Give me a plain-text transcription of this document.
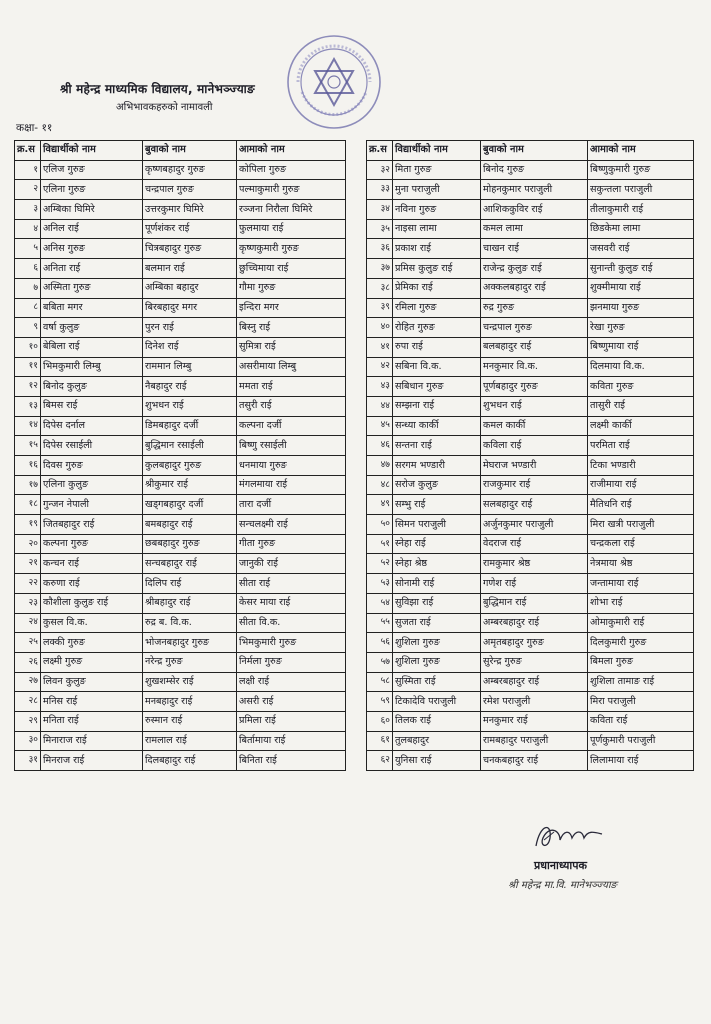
श्री महेन्द्र माध्यमिक विद्यालय, मानेभञ्ज्याङ
अभिभावकहरुको नामावली
कक्षा- ११
क्र.स	विद्यार्थीको नाम	बुवाको नाम	आमाको नाम
१	एलिज गुरुङ	कृष्णबहादुर गुरुङ	कोपिला गुरुङ
२	एलिना गुरुङ	चन्द्रपाल गुरुङ	पल्माकुमारी गुरुङ
३	अम्बिका घिमिरे	उत्तरकुमार घिमिरे	रञ्जना निरौला घिमिरे
४	अनिल राई	पूर्णशंकर राई	फुलमाया राई
५	अनिस गुरुङ	चित्रबहादुर गुरुङ	कृष्णकुमारी गुरुङ
६	अनिता राई	बलमान राई	छुच्चिमाया राई
७	अस्मिता गुरुङ	अम्बिका बहादुर	गौमा गुरुङ
८	बबिता मगर	बिरबहादुर मगर	इन्दिरा मगर
९	वर्षा कुलुङ	पुरन राई	बिस्नु राई
१०	बेबिला राई	दिनेश राई	सुमित्रा राई
११	भिमकुमारी लिम्बु	राममान लिम्बु	असरीमाया लिम्बु
१२	बिनोद कुलुङ	नैबहादुर राई	ममता राई
१३	बिमस राई	शुभधन राई	तसुरी राई
१४	दिपेस दर्नाल	डिमबहादुर दर्जी	कल्पना दर्जी
१५	दिपेस रसाईली	बुद्धिमान रसाईली	बिष्णु रसाईली
१६	दिवस गुरुङ	कुलबहादुर गुरुङ	धनमाया गुरुङ
१७	एलिना कुलुङ	श्रीकुमार राई	मंगलमाया राई
१८	गुन्जन नेपाली	खड्गबहादुर दर्जी	तारा दर्जी
१९	जितबहादुर राई	बमबहादुर राई	सन्चलक्ष्मी राई
२०	कल्पना गुरुङ	छबबहादुर गुरुङ	गीता गुरुङ
२१	कन्चन राई	सन्चबहादुर राई	जानुकी राई
२२	करुणा राई	दिलिप राई	सीता राई
२३	कौशीला कुलुङ राई	श्रीबहादुर राई	केसर माया राई
२४	कुसल वि.क.	रुद्र ब. वि.क.	सीता वि.क.
२५	लक्की गुरुङ	भोजनबहादुर गुरुङ	भिमकुमारी गुरुङ
२६	लक्ष्मी गुरुङ	नरेन्द्र गुरुङ	निर्मला गुरुङ
२७	लिवन कुलुङ	शुखशम्सेर राई	लक्षी राई
२८	मनिस राई	मनबहादुर राई	असरी राई
२९	मनिता राई	रुस्मान राई	प्रमिला राई
३०	मिनाराज राई	रामलाल राई	बिर्तामाया राई
३१	मिनराज राई	दिलबहादुर राई	बिनिता राई
क्र.स	विद्यार्थीको नाम	बुवाको नाम	आमाको नाम
३२	मिता गुरुङ	बिनोद गुरुङ	बिष्णुकुमारी गुरुङ
३३	मुना पराजुली	मोहनकुमार पराजुली	सकुन्तला पराजुली
३४	नविना गुरुङ	आशिककुविर राई	तीलाकुमारी राई
३५	नाइसा लामा	कमल लामा	छिडकेमा लामा
३६	प्रकाश राई	चाखन राई	जसवरी राई
३७	प्रमिस कुलुङ राई	राजेन्द्र कुलुङ राई	सुनान्ती कुलुङ राई
३८	प्रेमिका राई	अक्कलबहादुर राई	शुक्मीमाया राई
३९	रमिला गुरुङ	रुद्र गुरुङ	झनमाया गुरुङ
४०	रोहित गुरुङ	चन्द्रपाल गुरुङ	रेखा गुरुङ
४१	रुपा राई	बलबहादुर राई	बिष्णुमाया राई
४२	सबिना वि.क.	मनकुमार वि.क.	दिलमाया वि.क.
४३	सबिधान गुरुङ	पूर्णबहादुर गुरुङ	कविता गुरुङ
४४	सम्झना राई	शुभधन राई	तासुरी राई
४५	सन्ध्या कार्की	कमल कार्की	लक्ष्मी कार्की
४६	सन्तना राई	कविला राई	परमिता राई
४७	सरगम भण्डारी	मेघराज भण्डारी	टिका भण्डारी
४८	सरोज कुलुङ	राजकुमार राई	राजीमाया राई
४९	सम्भु राई	सलबहादुर राई	मैतिधनि राई
५०	सिमन पराजुली	अर्जुनकुमार पराजुली	मिरा खत्री पराजुली
५१	स्नेहा राई	वेदराज राई	चन्द्रकला राई
५२	स्नेहा श्रेष्ठ	रामकुमार श्रेष्ठ	नेत्रमाया श्रेष्ठ
५३	सोनामी राई	गणेश राई	जन्तामाया राई
५४	सुविझा राई	बुद्धिमान राई	शोभा राई
५५	सुजता राई	अम्बरबहादुर राई	ओमाकुमारी राई
५६	शुशिला गुरुङ	अमृतबहादुर गुरुङ	दिलकुमारी गुरुङ
५७	शुशिला गुरुङ	सुरेन्द्र गुरुङ	बिमला गुरुङ
५८	सुस्मिता राई	अम्बरबहादुर राई	शुशिला तामाङ राई
५९	टिकादेवि पराजुली	रमेश पराजुली	मिरा पराजुली
६०	तिलक राई	मनकुमार राई	कविता राई
६१	तुलबहादुर	रामबहादुर पराजुली	पूर्णकुमारी पराजुली
६२	युनिसा राई	चनकबहादुर राई	लिलामाया राई
प्रधानाध्यापक
श्री महेन्द्र मा.वि. मानेभञ्ज्याङ
